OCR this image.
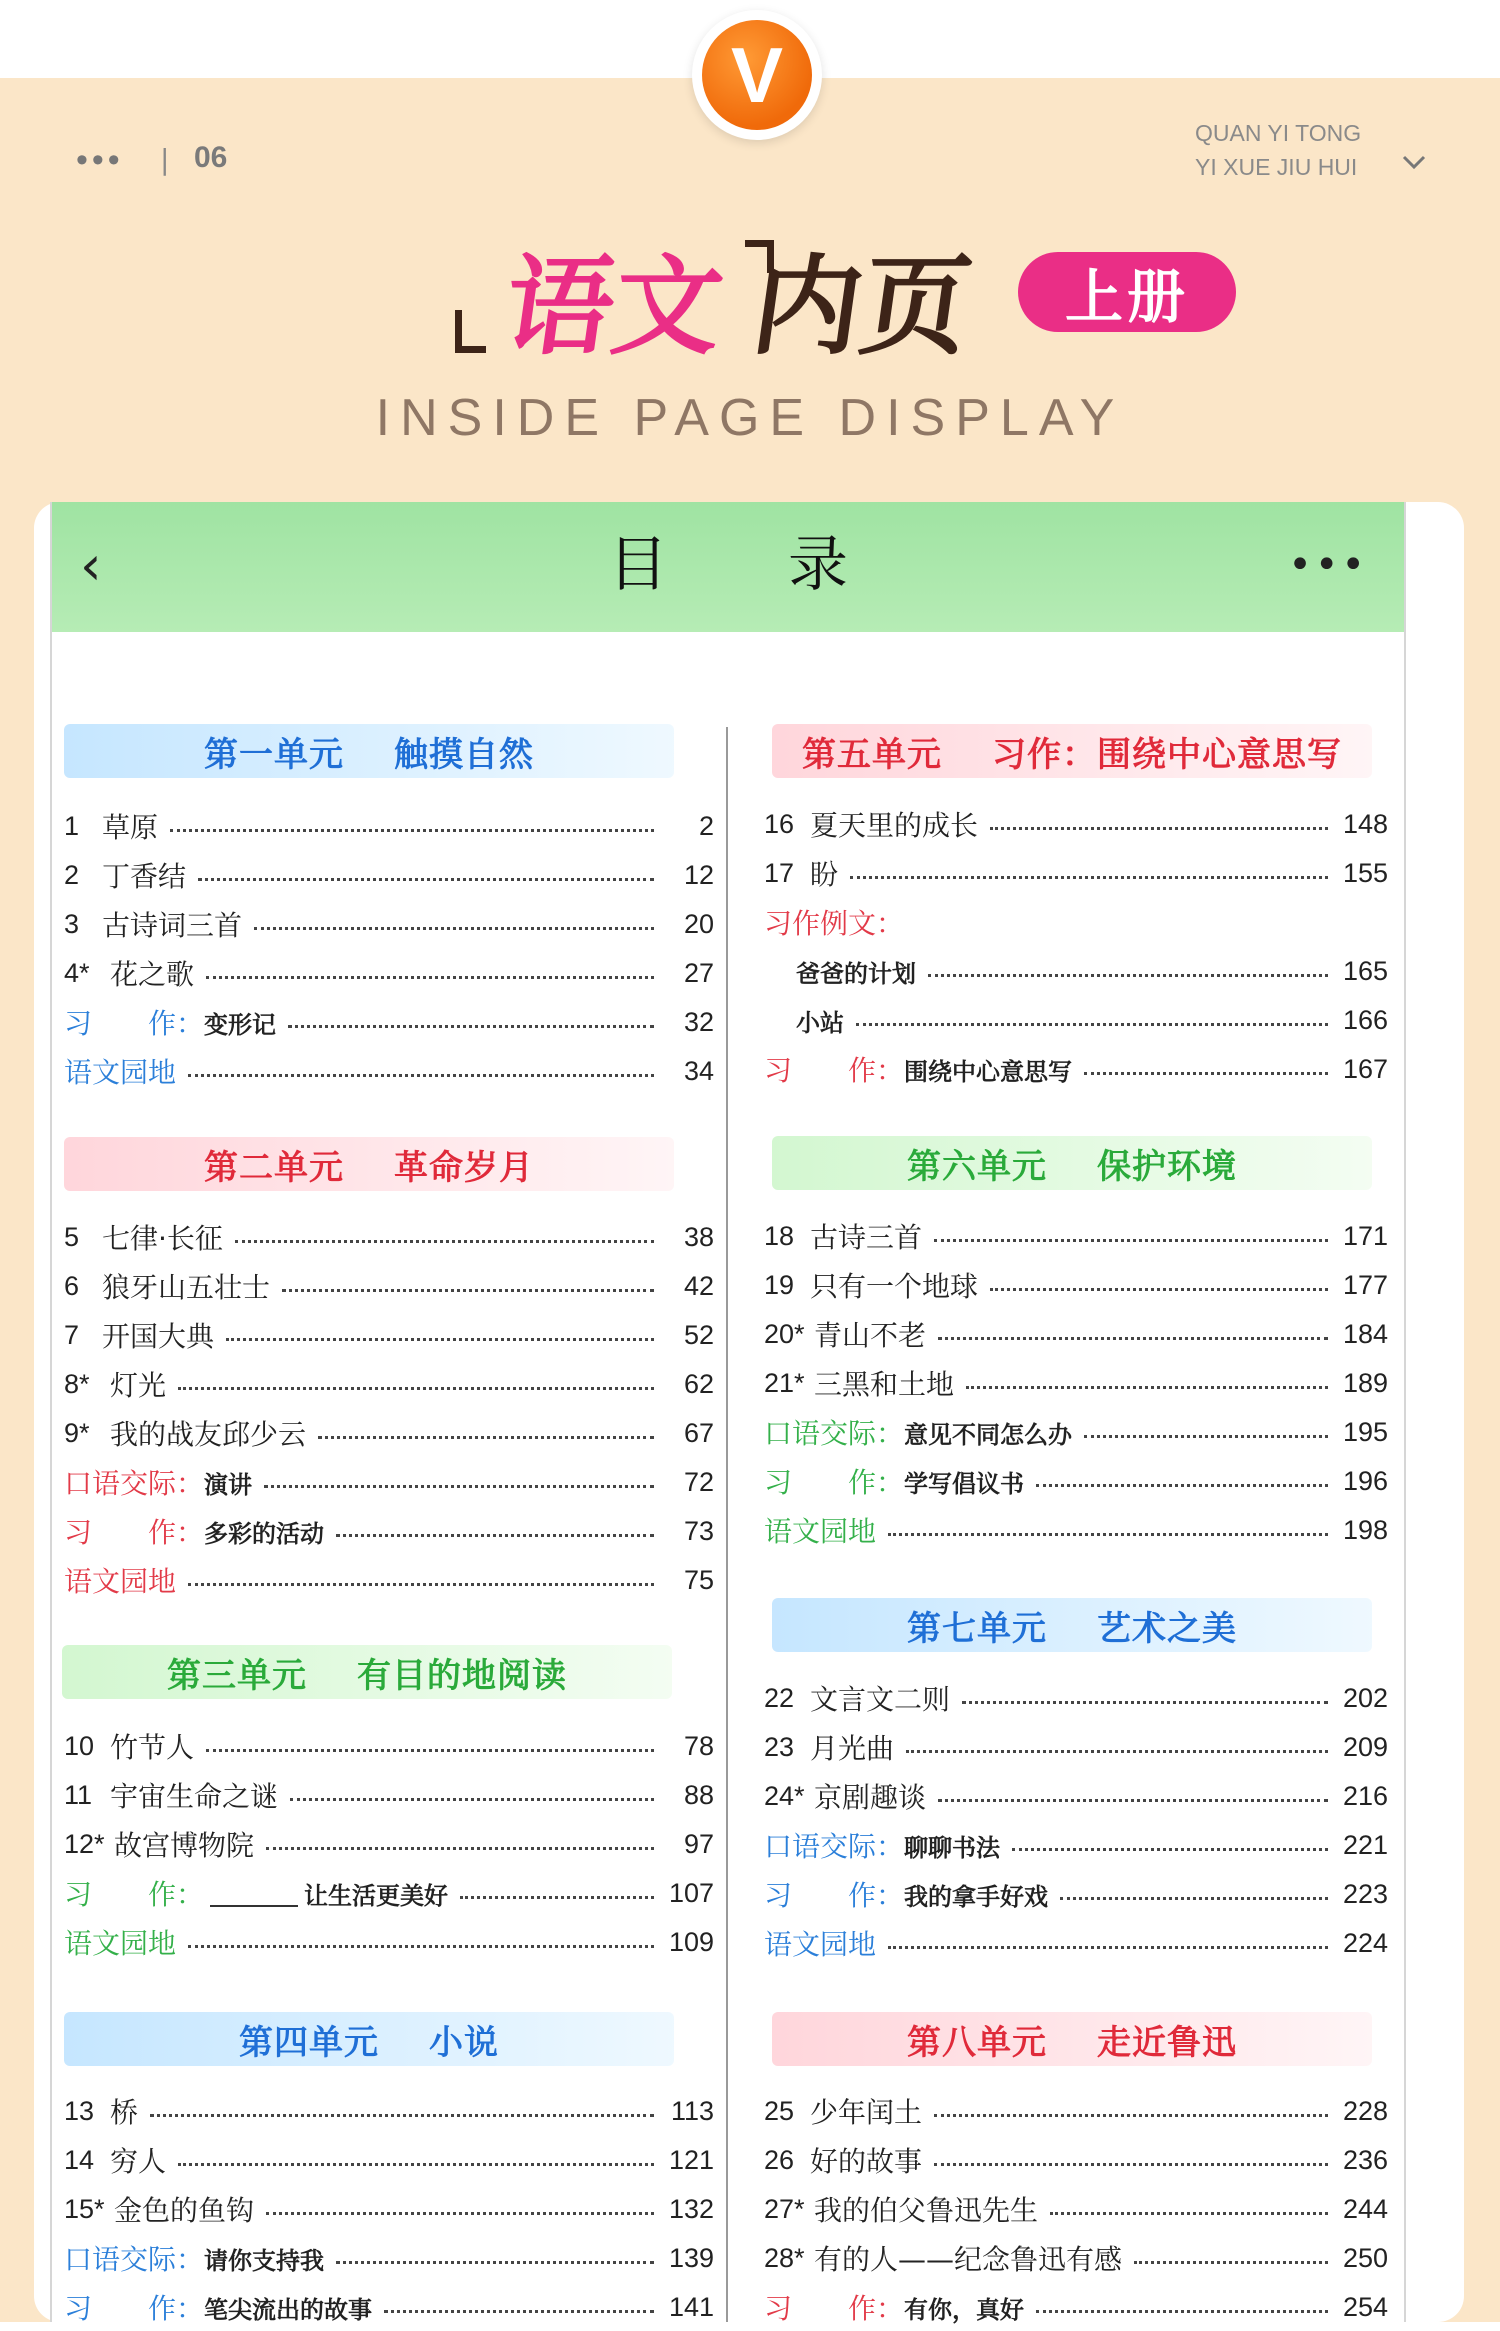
V
••• | 06
QUAN YI TONG
YI XUE JIU HUI
语文 内页	上册
INSIDE PAGE DISPLAY
‹	目录	•••
第一单元 触摸自然
1 草原	2
2 丁香结	12
3 古诗词三首	20
4* 花之歌	27
习　　作： 变形记	32
语文园地	34
第二单元 革命岁月
5 七律·长征	38
6 狼牙山五壮士	42
7 开国大典	52
8* 灯光	62
9* 我的战友邱少云	67
口语交际： 演讲	72
习　　作： 多彩的活动	73
语文园地	75
第三单元 有目的地阅读
10 竹节人	78
11 宇宙生命之谜	88
12* 故宫博物院	97
习　　作：	让生活更美好	107
语文园地	109
第四单元 小说
13 桥	113
14 穷人	121
15* 金色的鱼钩	132
口语交际： 请你支持我	139
习　　作： 笔尖流出的故事	141
第五单元 习作：围绕中心意思写
16 夏天里的成长	148
17 盼	155
习作例文：
爸爸的计划	165
小站	166
习　　作： 围绕中心意思写	167
第六单元 保护环境
18 古诗三首	171
19 只有一个地球	177
20* 青山不老	184
21* 三黑和土地	189
口语交际： 意见不同怎么办	195
习　　作： 学写倡议书	196
语文园地	198
第七单元 艺术之美
22 文言文二则	202
23 月光曲	209
24* 京剧趣谈	216
口语交际： 聊聊书法	221
习　　作： 我的拿手好戏	223
语文园地	224
第八单元 走近鲁迅
25 少年闰土	228
26 好的故事	236
27* 我的伯父鲁迅先生	244
28* 有的人——纪念鲁迅有感	250
习　　作： 有你，真好	254
